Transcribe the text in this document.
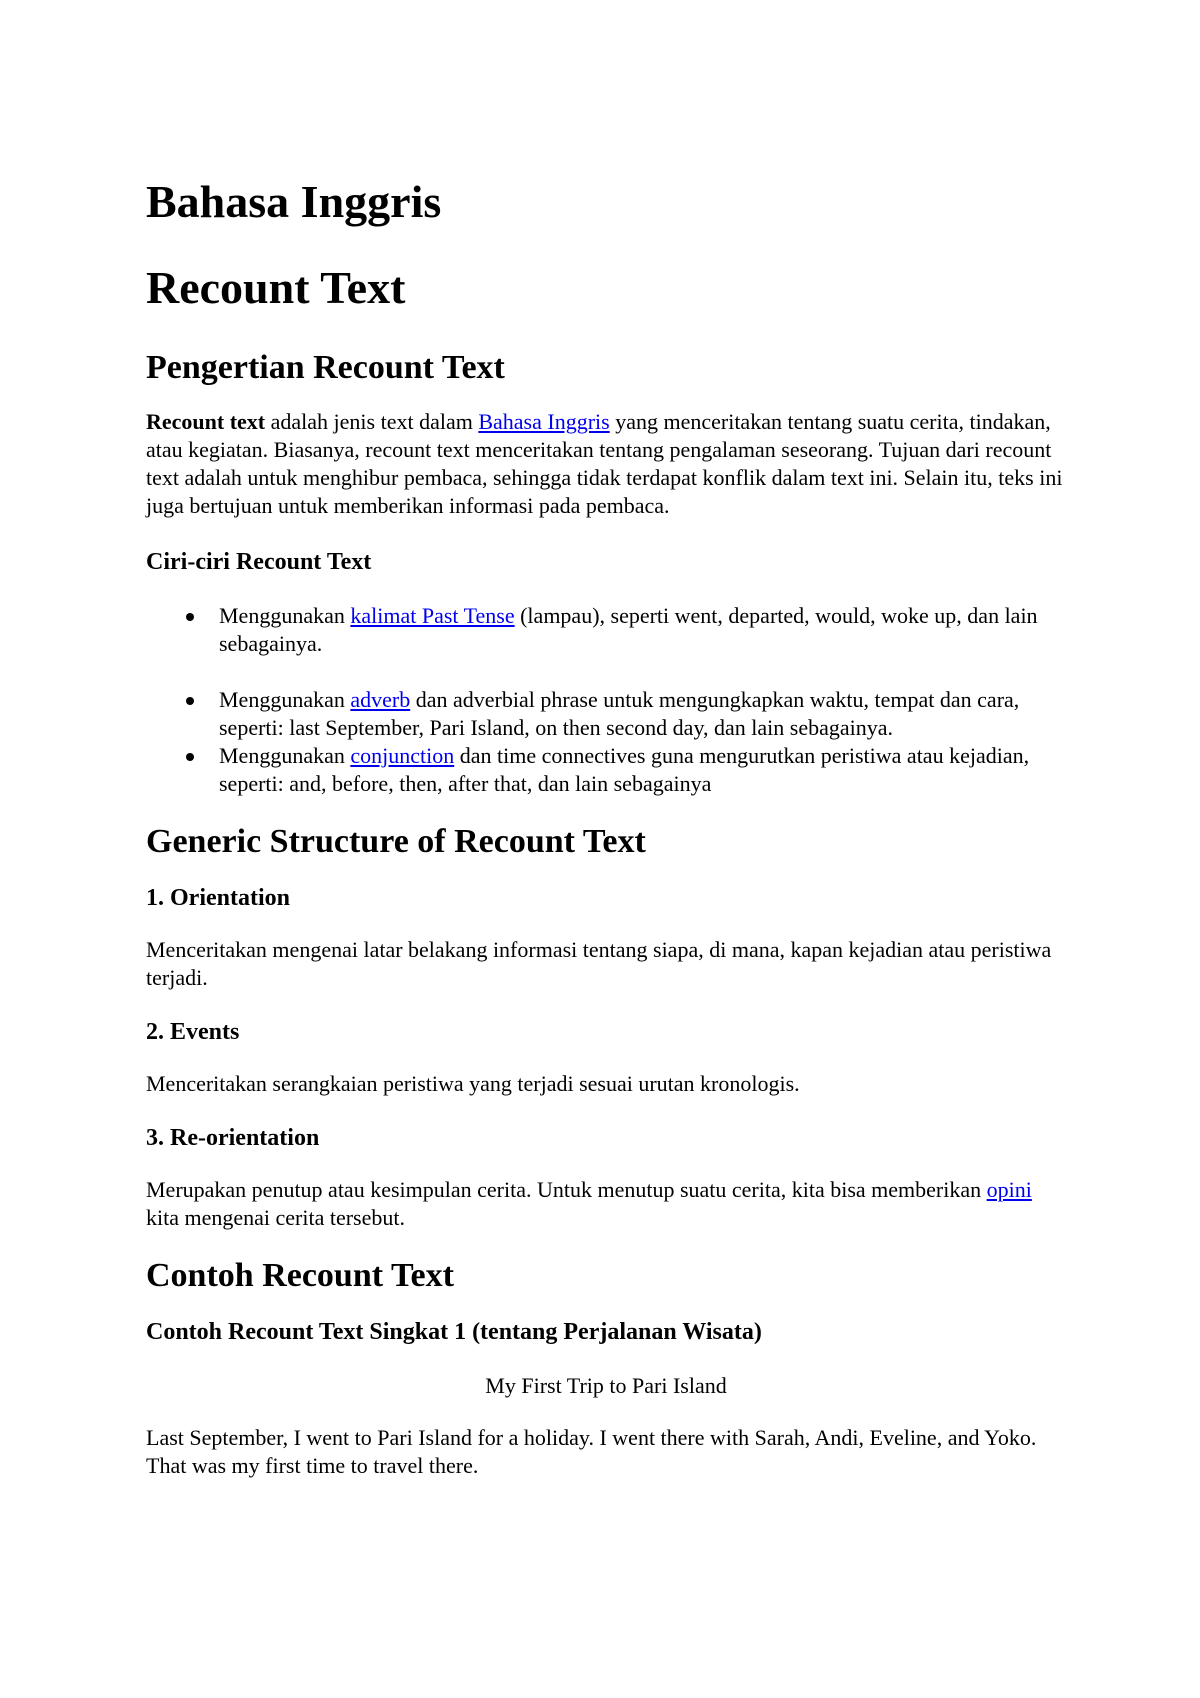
Bahasa Inggris
Recount Text
Pengertian Recount Text

Recount text adalah jenis text dalam Bahasa Inggris yang menceritakan tentang suatu cerita, tindakan, atau kegiatan. Biasanya, recount text menceritakan tentang pengalaman seseorang. Tujuan dari recount text adalah untuk menghibur pembaca, sehingga tidak terdapat konflik dalam text ini. Selain itu, teks ini juga bertujuan untuk memberikan informasi pada pembaca.

Ciri-ciri Recount Text
Menggunakan kalimat Past Tense (lampau), seperti went, departed, would, woke up, dan lain sebagainya.
Menggunakan adverb dan adverbial phrase untuk mengungkapkan waktu, tempat dan cara, seperti: last September, Pari Island, on then second day, dan lain sebagainya.
Menggunakan conjunction dan time connectives guna mengurutkan peristiwa atau kejadian, seperti: and, before, then, after that, dan lain sebagainya
Generic Structure of Recount Text
1. Orientation

Menceritakan mengenai latar belakang informasi tentang siapa, di mana, kapan kejadian atau peristiwa terjadi.

2. Events

Menceritakan serangkaian peristiwa yang terjadi sesuai urutan kronologis.

3. Re-orientation

Merupakan penutup atau kesimpulan cerita. Untuk menutup suatu cerita, kita bisa memberikan opini kita mengenai cerita tersebut.

Contoh Recount Text
Contoh Recount Text Singkat 1 (tentang Perjalanan Wisata)

My First Trip to Pari Island

Last September, I went to Pari Island for a holiday. I went there with Sarah, Andi, Eveline, and Yoko. That was my first time to travel there.
